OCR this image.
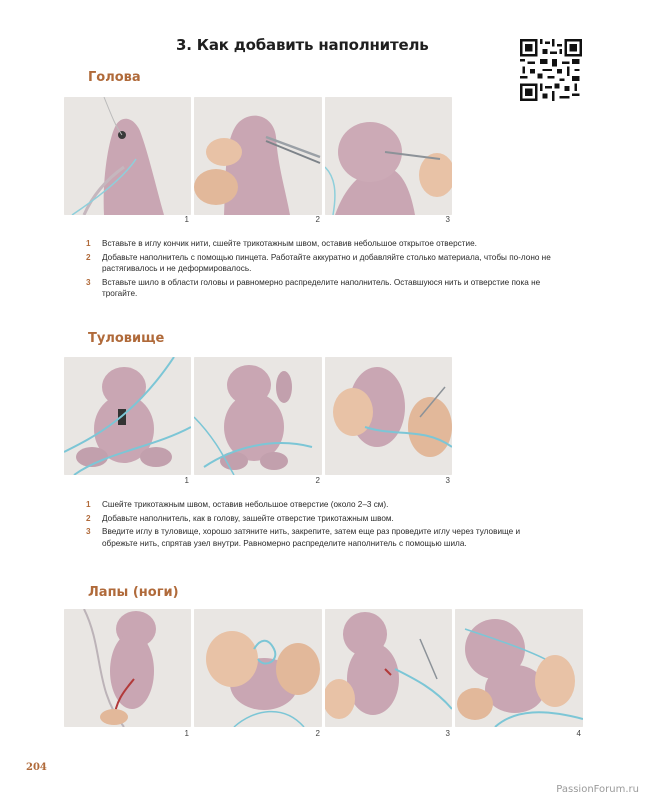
3. Как добавить наполнитель
Голова
1	2	3
1 Вставьте в иглу кончик нити, сшейте трикотажным швом, оставив небольшое открытое отверстие.
2 Добавьте наполнитель с помощью пинцета. Работайте аккуратно и добавляйте столько материала, чтобы по-лоно не растягивалось и не деформировалось.
3 Вставьте шило в области головы и равномерно распределите наполнитель. Оставшуюся нить и отверстие пока не трогайте.
Туловище
1	2	3
1 Сшейте трикотажным швом, оставив небольшое отверстие (около 2–3 см).
2 Добавьте наполнитель, как в голову, зашейте отверстие трикотажным швом.
3 Введите иглу в туловище, хорошо затяните нить, закрепите, затем еще раз проведите иглу через туловище и обрежьте нить, спрятав узел внутри. Равномерно распределите наполнитель с помощью шила.
Лапы (ноги)
1	2	3	4
204
PassionForum.ru
